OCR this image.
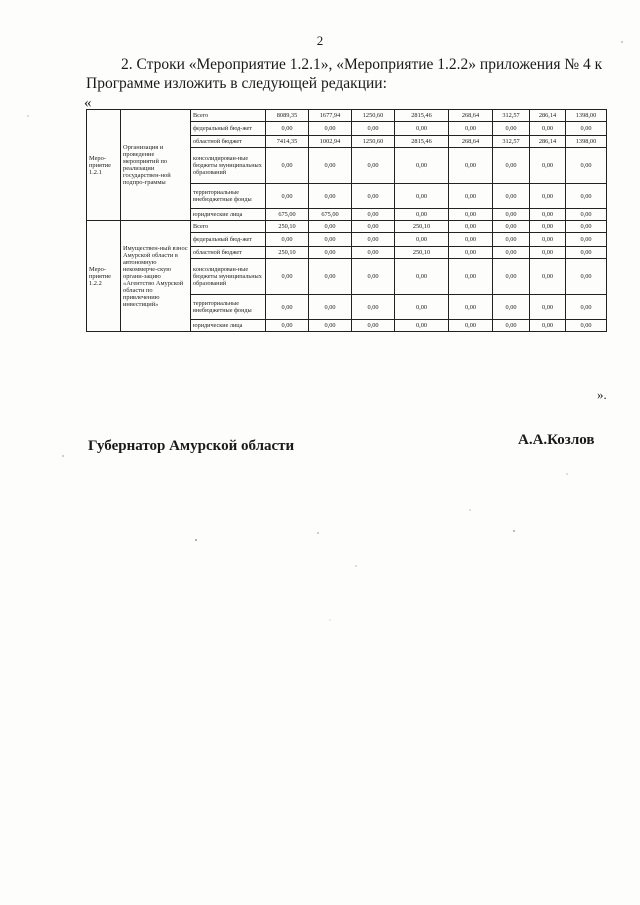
2
2. Строки «Мероприятие 1.2.1», «Мероприятие 1.2.2» приложения № 4 к
Программе изложить в следующей редакции:
«
Меро-приятие 1.2.1	Организация и проведение мероприятий по реализации государствен-ной подпро-граммы	Всего	8089,35	1677,94	1250,60	2815,46	268,64	312,57	286,14	1398,00
		федеральный бюд-жет	0,00	0,00	0,00	0,00	0,00	0,00	0,00	0,00
		областной бюджет	7414,35	1002,94	1250,60	2815,46	268,64	312,57	286,14	1398,00
		консолидирован-ные бюджеты муниципальных образований	0,00	0,00	0,00	0,00	0,00	0,00	0,00	0,00
		территориальные внебюджетные фонды	0,00	0,00	0,00	0,00	0,00	0,00	0,00	0,00
		юридические лица	675,00	675,00	0,00	0,00	0,00	0,00	0,00	0,00
Меро-приятие 1.2.2	Имуществен-ный взнос Амурской области в автономную некоммерче-скую органи-зацию «Агентство Амурской области по привлечению инвестиций»	Всего	250,10	0,00	0,00	250,10	0,00	0,00	0,00	0,00
		федеральный бюд-жет	0,00	0,00	0,00	0,00	0,00	0,00	0,00	0,00
		областной бюджет	250,10	0,00	0,00	250,10	0,00	0,00	0,00	0,00
		консолидирован-ные бюджеты муниципальных образований	0,00	0,00	0,00	0,00	0,00	0,00	0,00	0,00
		территориальные внебюджетные фонды	0,00	0,00	0,00	0,00	0,00	0,00	0,00	0,00
		юридические лица	0,00	0,00	0,00	0,00	0,00	0,00	0,00	0,00
».
Губернатор Амурской области	А.А.Козлов
